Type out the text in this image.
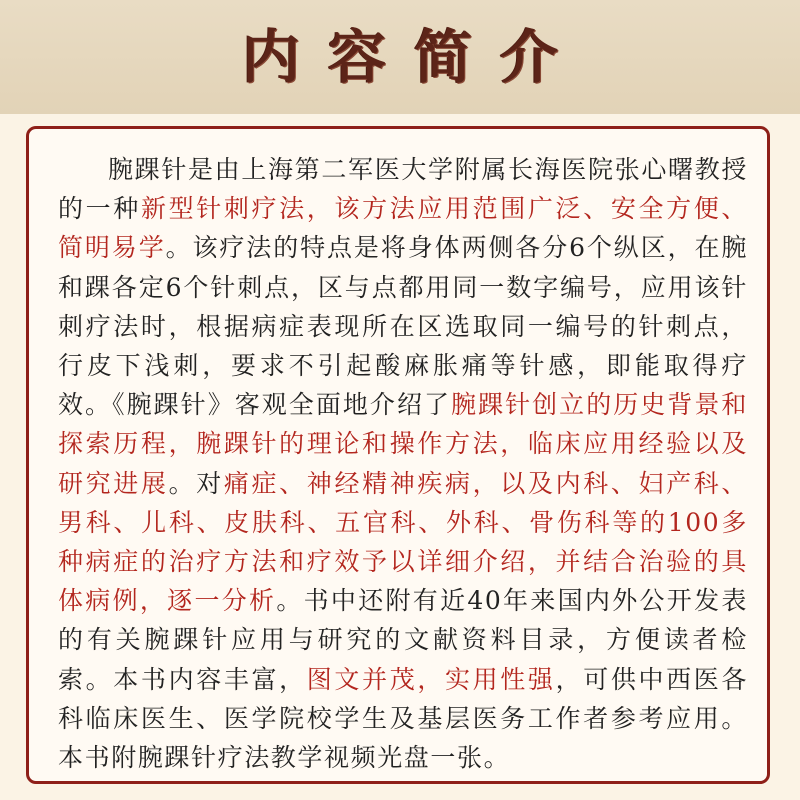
内容简介

腕踝针是由上海第二军医大学附属长海医院张心曙教授的一种新型针刺疗法，该方法应用范围广泛、安全方便、简明易学。该疗法的特点是将身体两侧各分6个纵区，在腕和踝各定6个针刺点，区与点都用同一数字编号，应用该针刺疗法时，根据病症表现所在区选取同一编号的针刺点，行皮下浅刺，要求不引起酸麻胀痛等针感，即能取得疗效。《腕踝针》客观全面地介绍了腕踝针创立的历史背景和探索历程，腕踝针的理论和操作方法，临床应用经验以及研究进展。对痛症、神经精神疾病，以及内科、妇产科、男科、儿科、皮肤科、五官科、外科、骨伤科等的100多种病症的治疗方法和疗效予以详细介绍，并结合治验的具体病例，逐一分析。书中还附有近40年来国内外公开发表的有关腕踝针应用与研究的文献资料目录，方便读者检索。本书内容丰富，图文并茂，实用性强，可供中西医各科临床医生、医学院校学生及基层医务工作者参考应用。本书附腕踝针疗法教学视频光盘一张。
